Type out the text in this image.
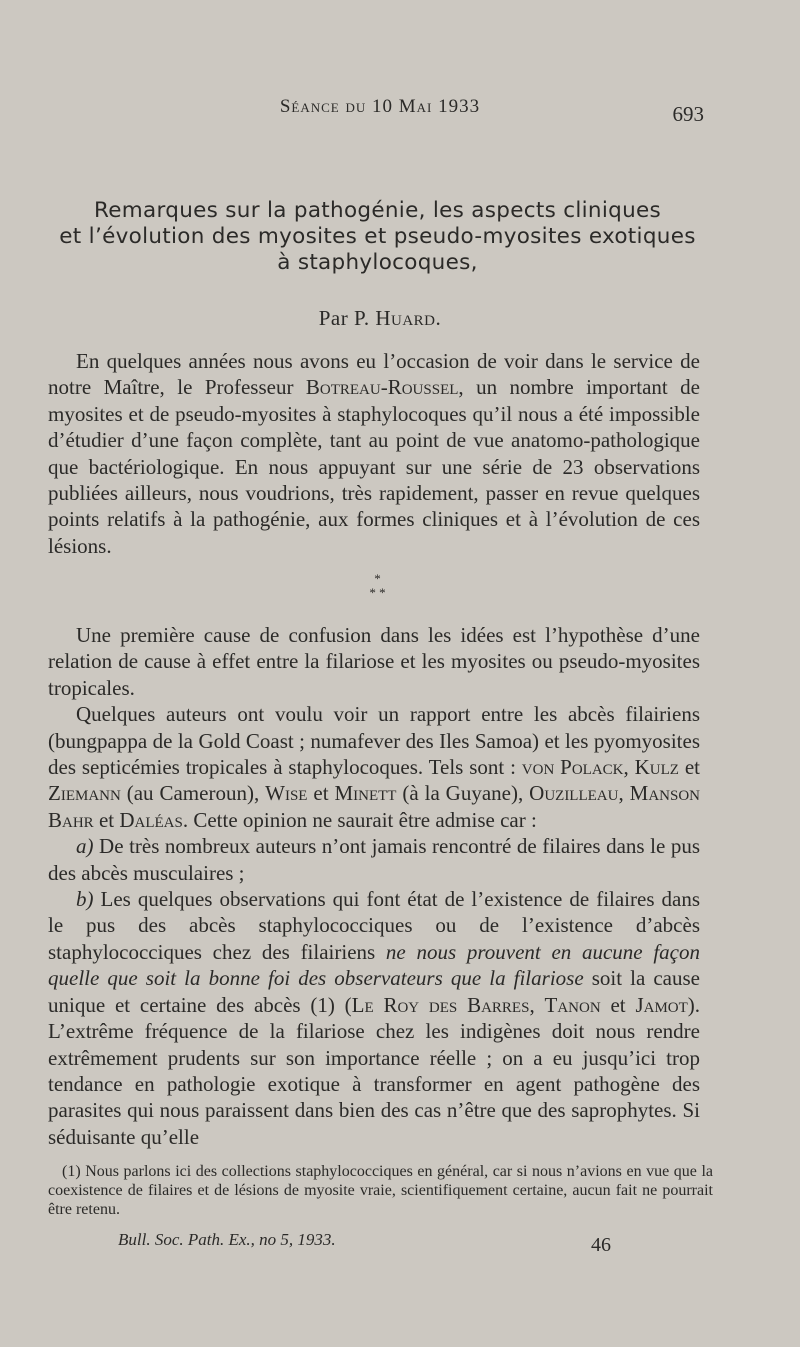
Séance du 10 Mai 1933	693
Remarques sur la pathogénie, les aspects cliniques
et l’évolution des myosites et pseudo-myosites exotiques
à staphylocoques,
Par P. Huard.

En quelques années nous avons eu l’occasion de voir dans le service de notre Maître, le Professeur Botreau-Roussel, un nombre important de myosites et de pseudo-myosites à staphylocoques qu’il nous a été impossible d’étudier d’une façon complète, tant au point de vue anatomo-pathologique que bactériologique. En nous appuyant sur une série de 23 observations publiées ailleurs, nous voudrions, très rapidement, passer en revue quelques points relatifs à la pathogénie, aux formes cliniques et à l’évolution de ces lésions.

*
* *

Une première cause de confusion dans les idées est l’hypothèse d’une relation de cause à effet entre la filariose et les myosites ou pseudo-myosites tropicales.

Quelques auteurs ont voulu voir un rapport entre les abcès filairiens (bungpappa de la Gold Coast ; numafever des Iles Samoa) et les pyomyosites des septicémies tropicales à staphylocoques. Tels sont : von Polack, Kulz et Ziemann (au Cameroun), Wise et Minett (à la Guyane), Ouzilleau, Manson Bahr et Daléas. Cette opinion ne saurait être admise car :

a) De très nombreux auteurs n’ont jamais rencontré de filaires dans le pus des abcès musculaires ;

b) Les quelques observations qui font état de l’existence de filaires dans le pus des abcès staphylococciques ou de l’existence d’abcès staphylococciques chez des filairiens ne nous prouvent en aucune façon quelle que soit la bonne foi des observateurs que la filariose soit la cause unique et certaine des abcès (1) (Le Roy des Barres, Tanon et Jamot). L’extrême fréquence de la filariose chez les indigènes doit nous rendre extrêmement prudents sur son importance réelle ; on a eu jusqu’ici trop tendance en pathologie exotique à transformer en agent pathogène des parasites qui nous paraissent dans bien des cas n’être que des saprophytes. Si séduisante qu’elle

(1) Nous parlons ici des collections staphylococciques en général, car si nous n’avions en vue que la coexistence de filaires et de lésions de myosite vraie, scientifiquement certaine, aucun fait ne pourrait être retenu.

Bull. Soc. Path. Ex., no 5, 1933.	46
